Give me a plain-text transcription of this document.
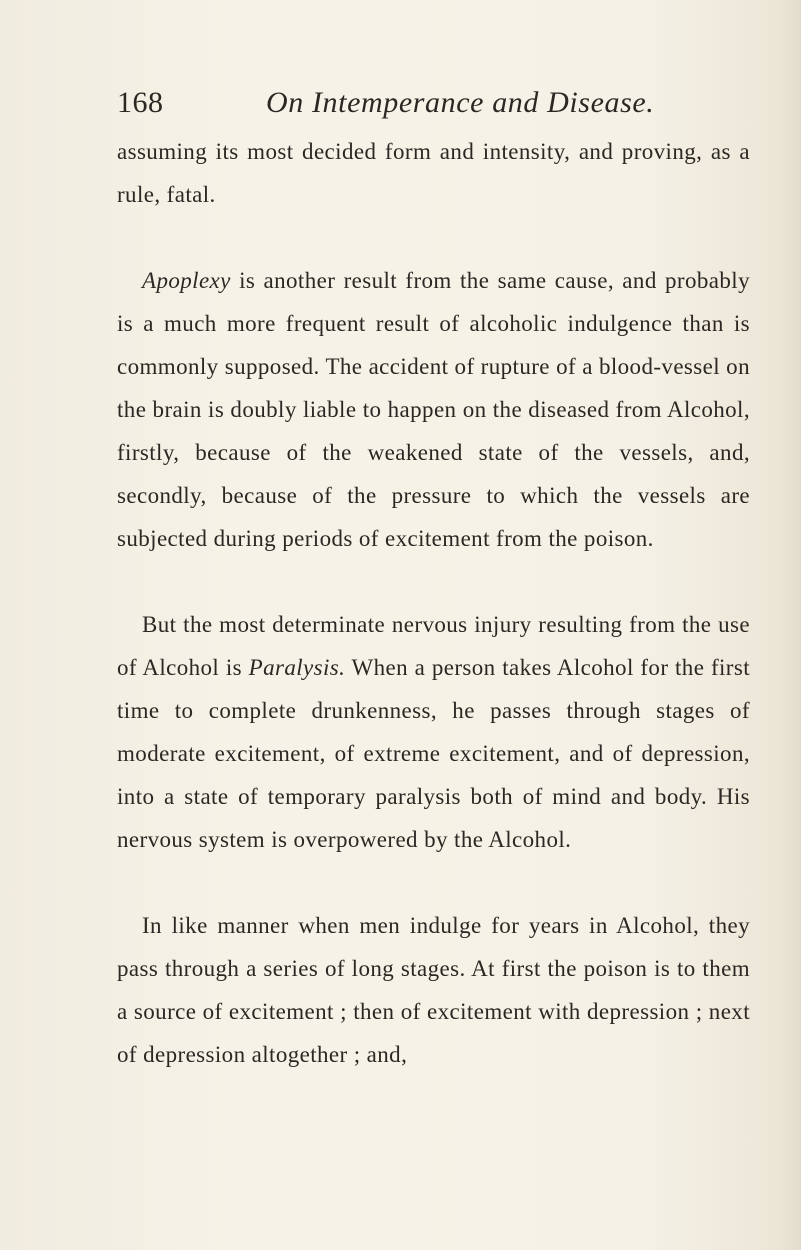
168	On Intemperance and Disease.

assuming its most decided form and intensity, and proving, as a rule, fatal.

Apoplexy is another result from the same cause, and probably is a much more frequent result of alcoholic indulgence than is commonly supposed. The accident of rupture of a blood-vessel on the brain is doubly liable to happen on the diseased from Alcohol, firstly, because of the weakened state of the vessels, and, secondly, because of the pressure to which the vessels are subjected during periods of excitement from the poison.

But the most determinate nervous injury resulting from the use of Alcohol is Paralysis. When a person takes Alcohol for the first time to complete drunkenness, he passes through stages of moderate excitement, of extreme excitement, and of depression, into a state of temporary paralysis both of mind and body. His nervous system is overpowered by the Alcohol.

In like manner when men indulge for years in Alcohol, they pass through a series of long stages. At first the poison is to them a source of excitement ; then of excitement with depression ; next of depression altogether ; and,
